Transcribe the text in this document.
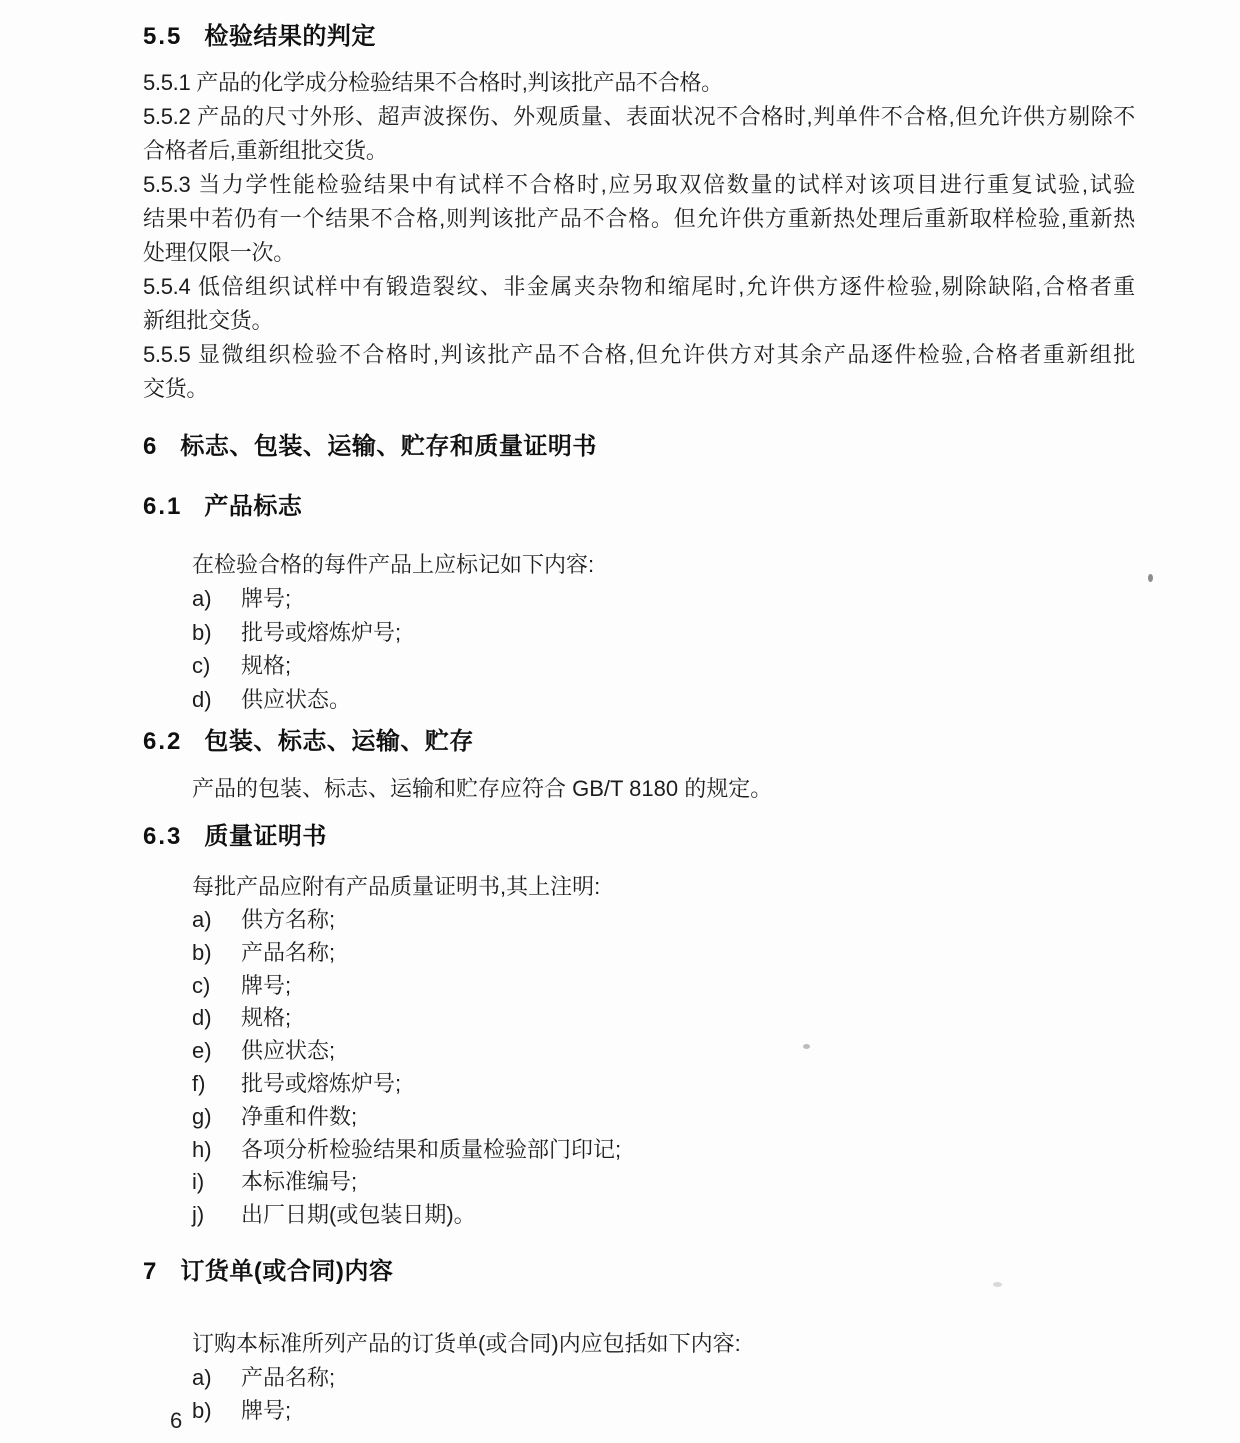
5.5 检验结果的判定
5.5.1 产品的化学成分检验结果不合格时,判该批产品不合格。
5.5.2 产品的尺寸外形、超声波探伤、外观质量、表面状况不合格时,判单件不合格,但允许供方剔除不
合格者后,重新组批交货。
5.5.3 当力学性能检验结果中有试样不合格时,应另取双倍数量的试样对该项目进行重复试验,试验
结果中若仍有一个结果不合格,则判该批产品不合格。但允许供方重新热处理后重新取样检验,重新热
处理仅限一次。
5.5.4 低倍组织试样中有锻造裂纹、非金属夹杂物和缩尾时,允许供方逐件检验,剔除缺陷,合格者重
新组批交货。
5.5.5 显微组织检验不合格时,判该批产品不合格,但允许供方对其余产品逐件检验,合格者重新组批
交货。
6 标志、包装、运输、贮存和质量证明书
6.1 产品标志
在检验合格的每件产品上应标记如下内容:
a)	牌号;
b)	批号或熔炼炉号;
c)	规格;
d)	供应状态。
6.2 包装、标志、运输、贮存
产品的包装、标志、运输和贮存应符合 GB/T 8180 的规定。
6.3 质量证明书
每批产品应附有产品质量证明书,其上注明:
a)	供方名称;
b)	产品名称;
c)	牌号;
d)	规格;
e)	供应状态;
f)	批号或熔炼炉号;
g)	净重和件数;
h)	各项分析检验结果和质量检验部门印记;
i)	本标准编号;
j)	出厂日期(或包装日期)。
7 订货单(或合同)内容
订购本标准所列产品的订货单(或合同)内应包括如下内容:
a)	产品名称;
b)	牌号;
6
